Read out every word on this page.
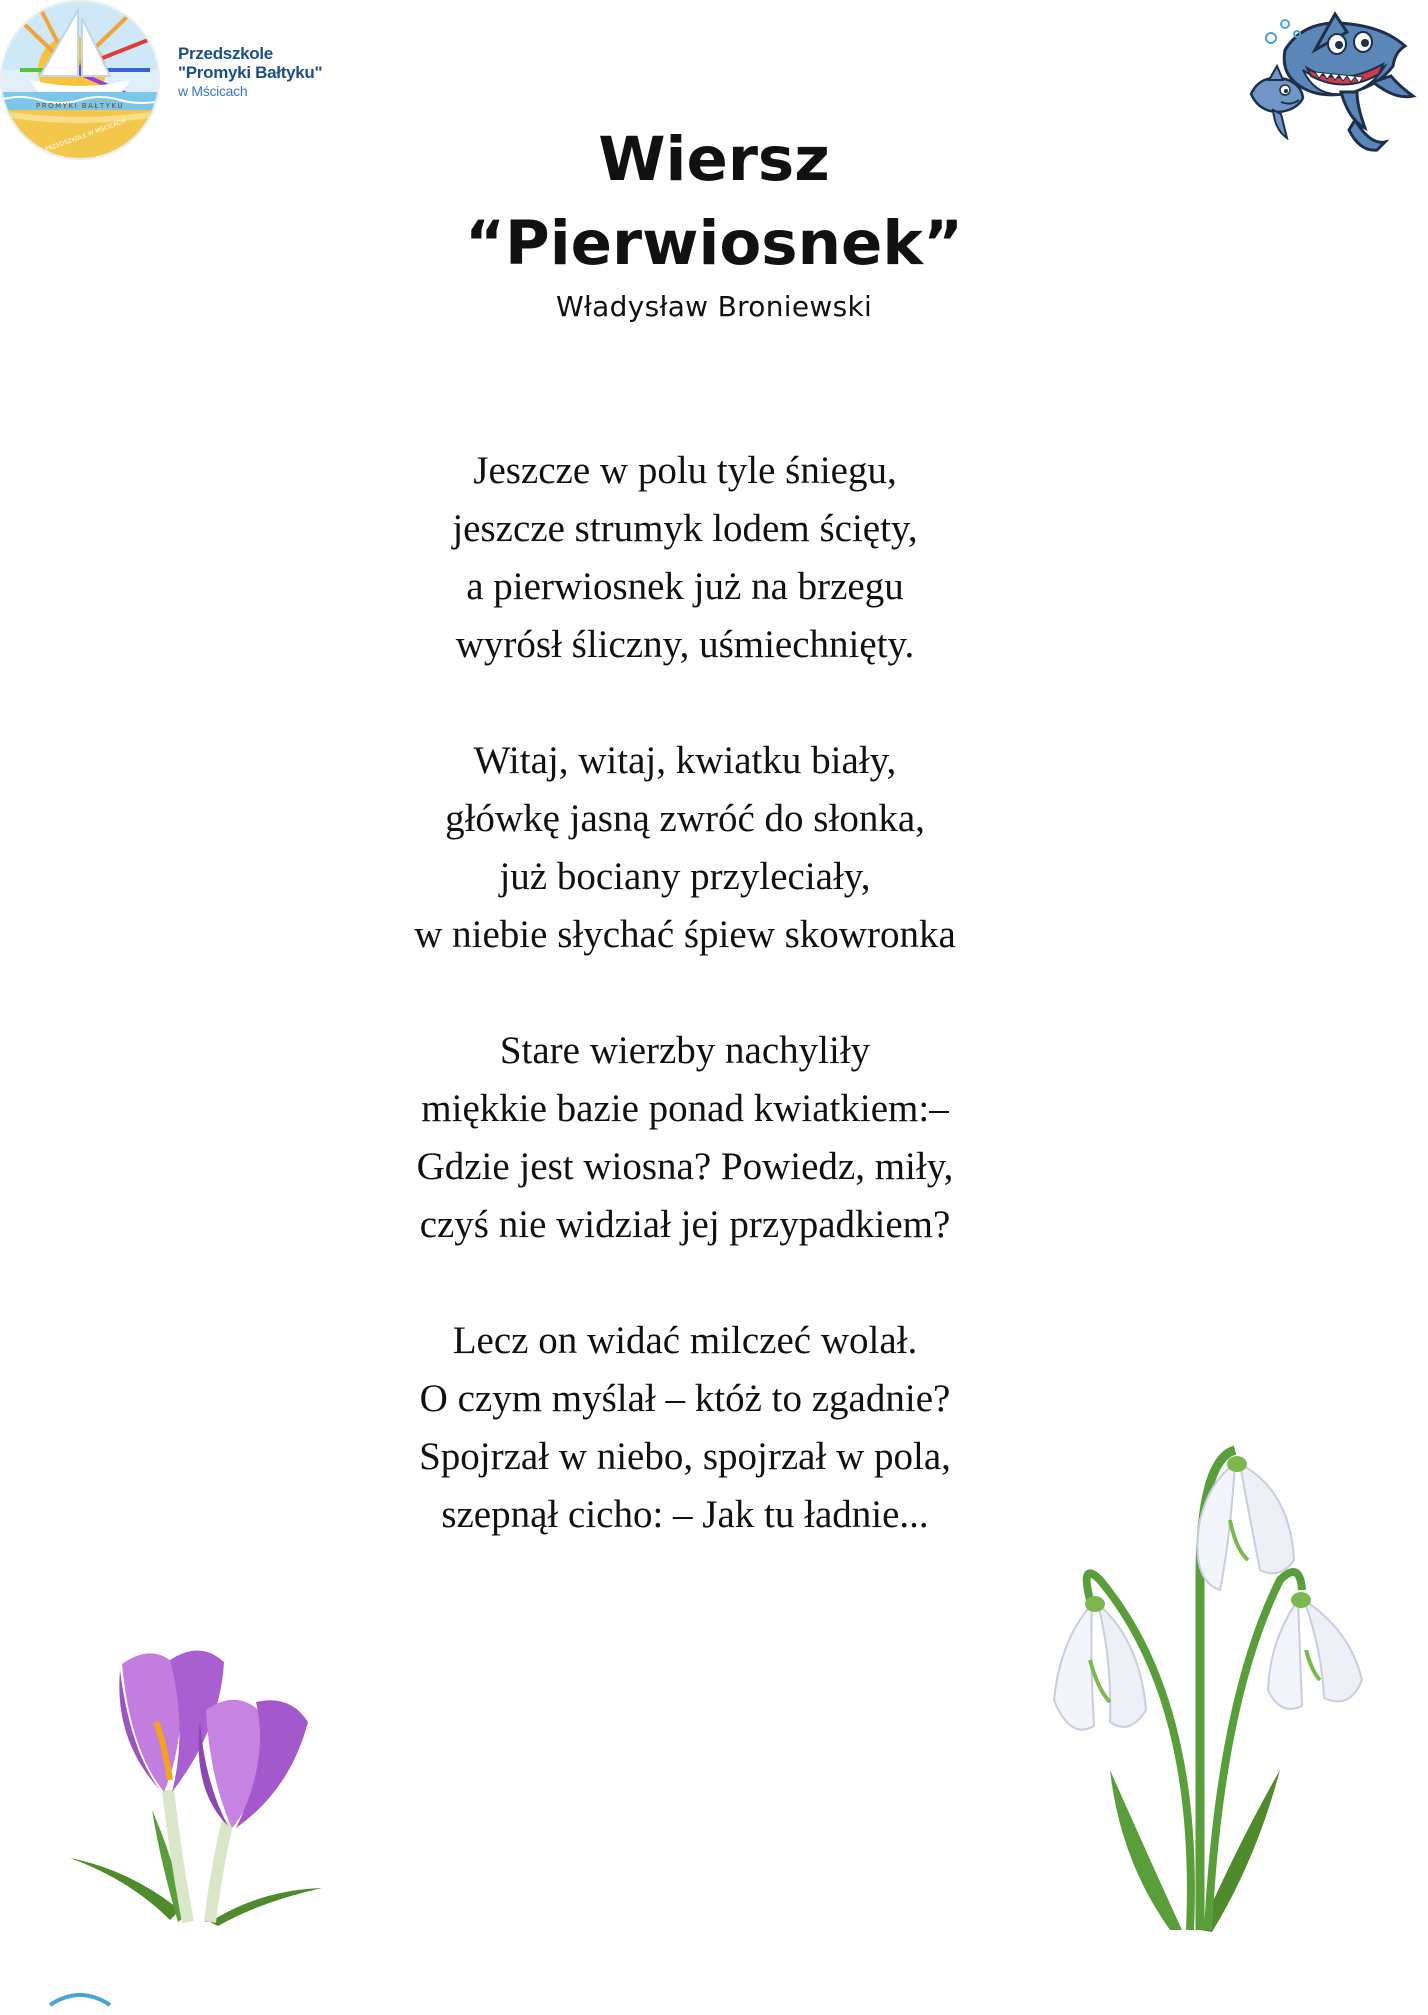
PROMYKI BAŁTYKU
PRZEDSZKOLE W MŚCICACH
Przedszkole
"Promyki Bałtyku"
w Mścicach
Wiersz
“Pierwiosnek”
Władysław Broniewski
Jeszcze w polu tyle śniegu,
jeszcze strumyk lodem ścięty,
a pierwiosnek już na brzegu
wyrósł śliczny, uśmiechnięty.
Witaj, witaj, kwiatku biały,
główkę jasną zwróć do słonka,
już bociany przyleciały,
w niebie słychać śpiew skowronka
Stare wierzby nachyliły
miękkie bazie ponad kwiatkiem:–
Gdzie jest wiosna? Powiedz, miły,
czyś nie widział jej przypadkiem?
Lecz on widać milczeć wolał.
O czym myślał – któż to zgadnie?
Spojrzał w niebo, spojrzał w pola,
szepnął cicho: – Jak tu ładnie...
